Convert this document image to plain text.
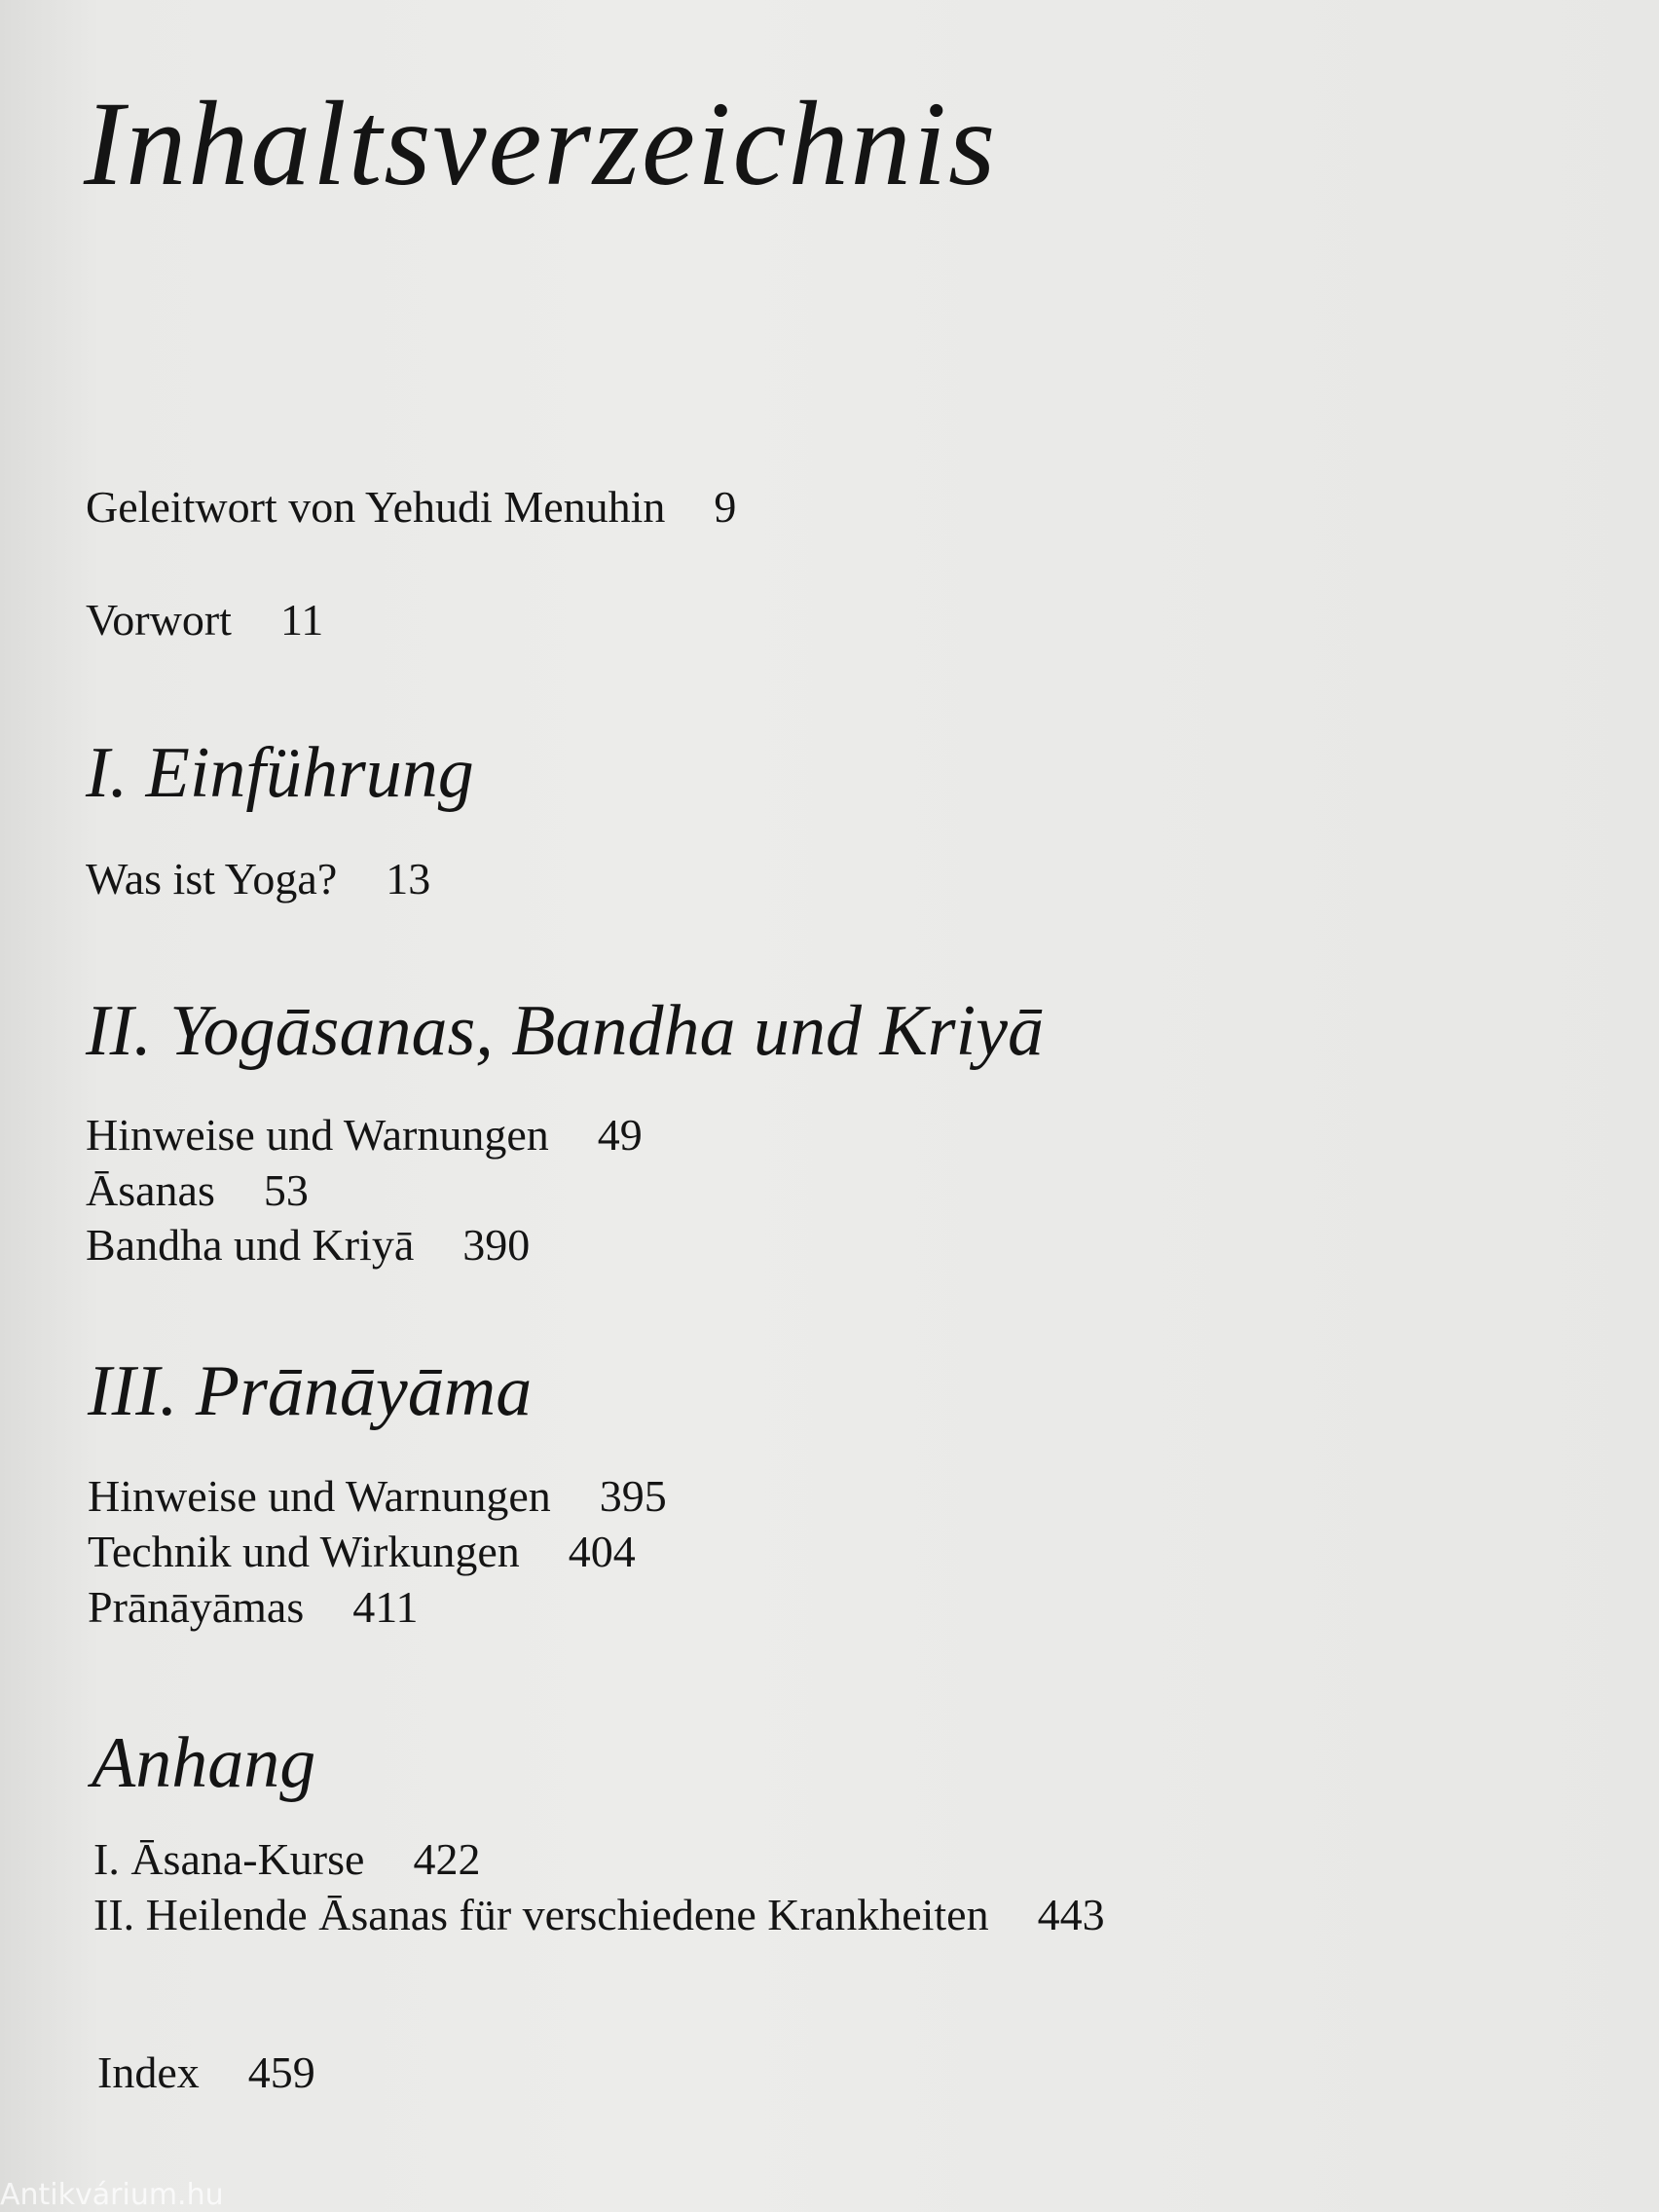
Inhaltsverzeichnis

Geleitwort von Yehudi Menuhin 9

Vorwort 11

I. Einführung

Was ist Yoga? 13

II. Yogāsanas, Bandha und Kriyā

Hinweise und Warnungen 49

Āsanas 53

Bandha und Kriyā 390

III. Prānāyāma

Hinweise und Warnungen 395

Technik und Wirkungen 404

Prānāyāmas 411

Anhang

I. Āsana-Kurse 422

II. Heilende Āsanas für verschiedene Krankheiten 443

Index 459

Antikvárium.hu
